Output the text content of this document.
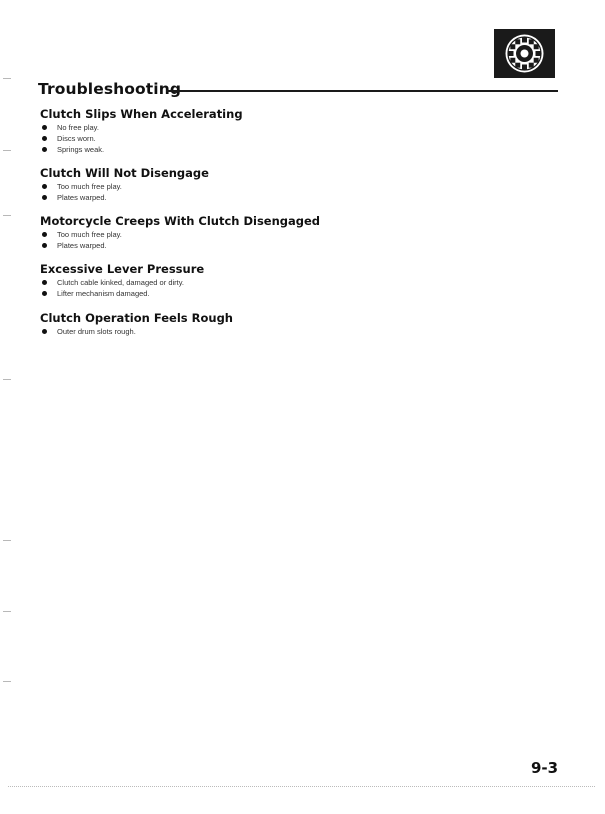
Troubleshooting
Clutch Slips When Accelerating
No free play.
Discs worn.
Springs weak.
Clutch Will Not Disengage
Too much free play.
Plates warped.
Motorcycle Creeps With Clutch Disengaged
Too much free play.
Plates warped.
Excessive Lever Pressure
Clutch cable kinked, damaged or dirty.
Lifter mechanism damaged.
Clutch Operation Feels Rough
Outer drum slots rough.
9-3
